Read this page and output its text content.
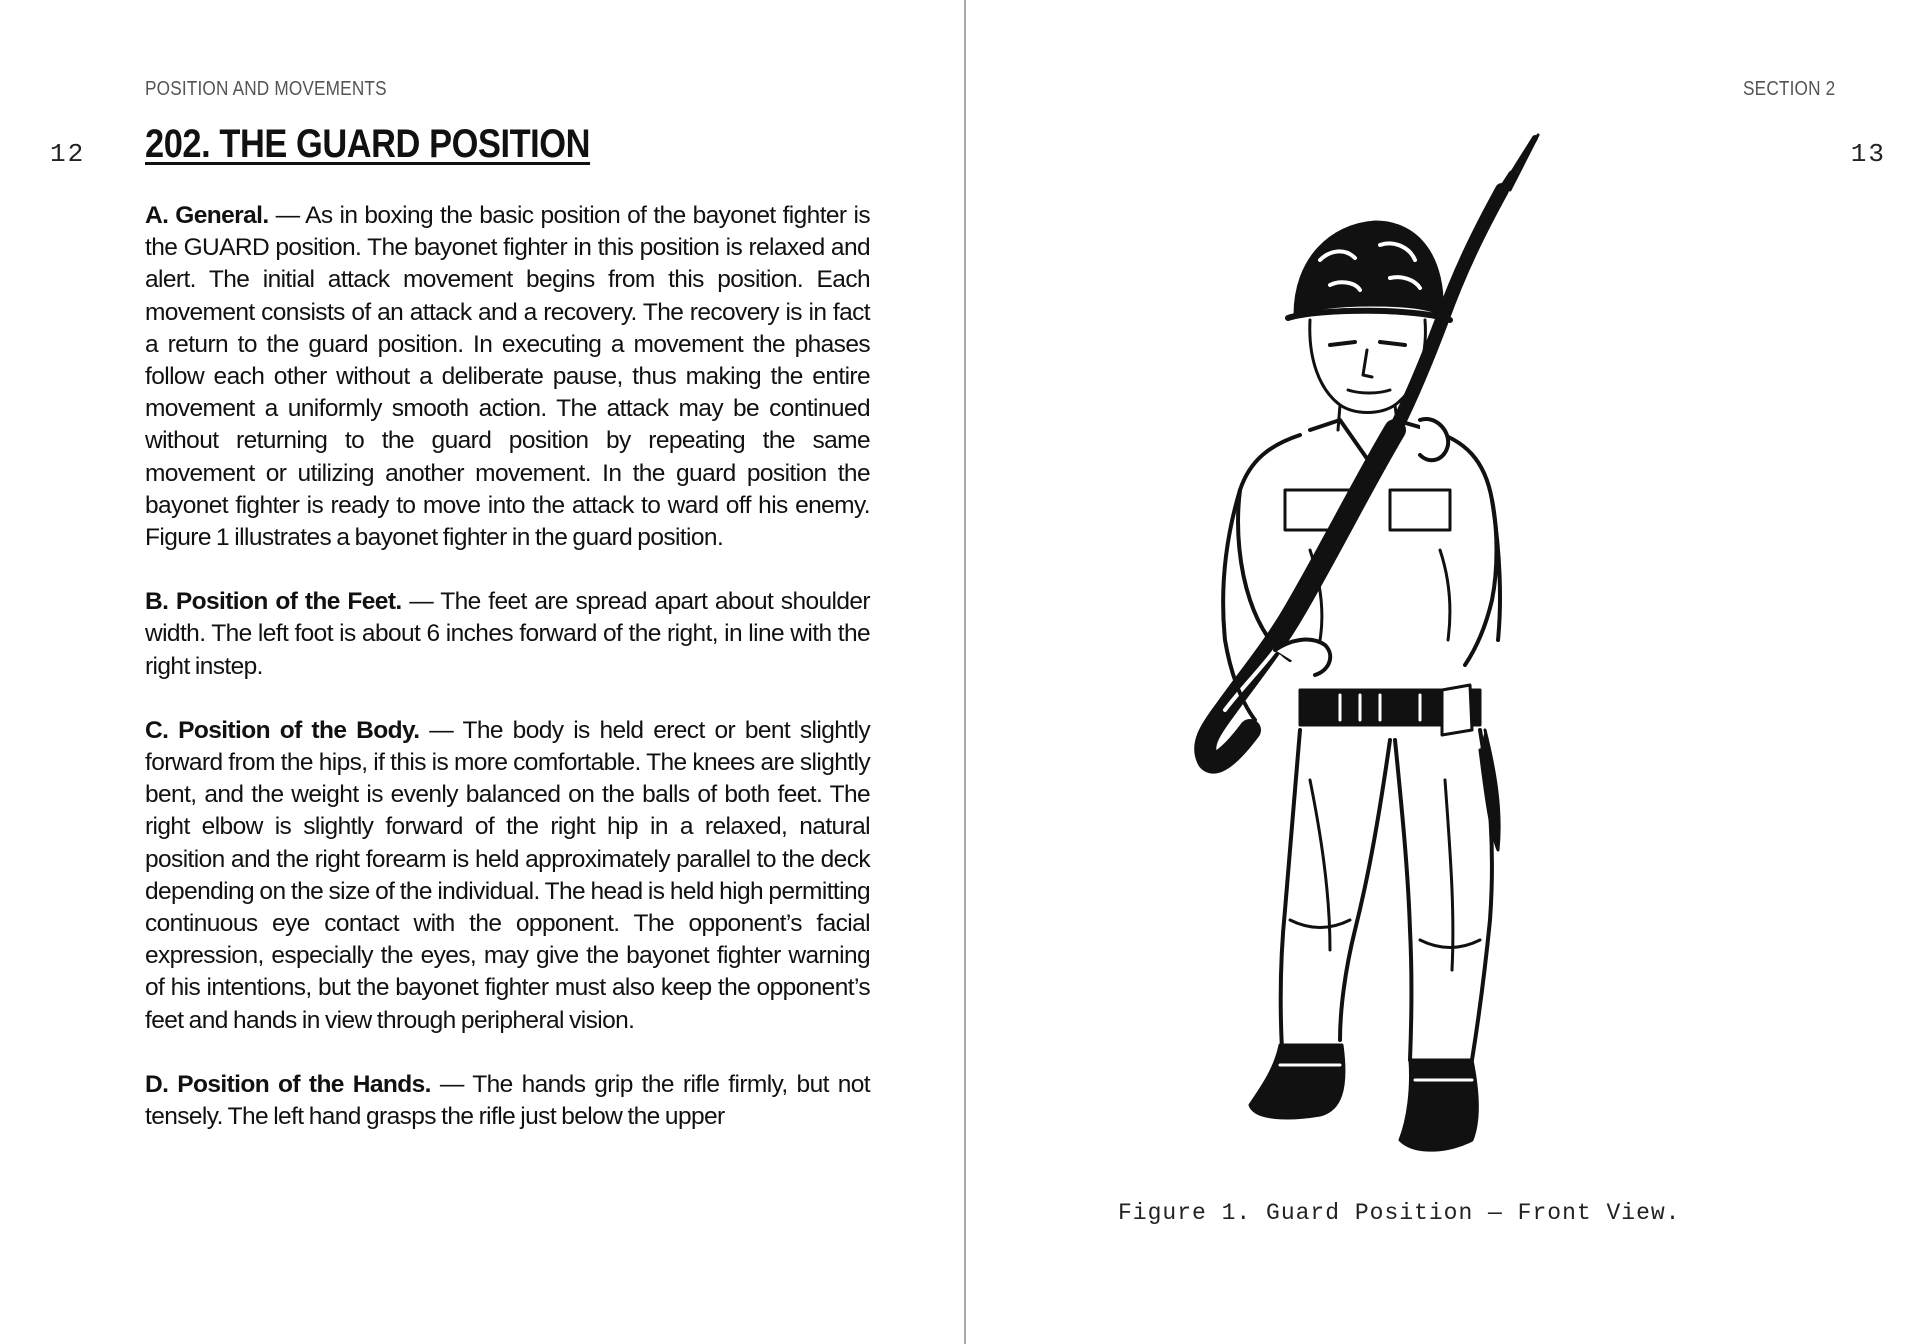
POSITION AND MOVEMENTS
12 202. THE GUARD POSITION

A. General. — As in boxing the basic position of the bayonet fighter is the GUARD position. The bayonet fighter in this position is relaxed and alert. The initial attack movement begins from this position. Each movement consists of an attack and a recovery. The recovery is in fact a return to the guard position. In executing a movement the phases follow each other without a deliberate pause, thus making the entire movement a uniformly smooth action. The attack may be continued without returning to the guard position by repeating the same movement or utilizing another movement. In the guard position the bayonet fighter is ready to move into the attack to ward off his enemy. Figure 1 illustrates a bayonet fighter in the guard position.

B. Position of the Feet. — The feet are spread apart about shoulder width. The left foot is about 6 inches forward of the right, in line with the right instep.

C. Position of the Body. — The body is held erect or bent slightly forward from the hips, if this is more comfortable. The knees are slightly bent, and the weight is evenly balanced on the balls of both feet. The right elbow is slightly forward of the right hip in a relaxed, natural position and the right forearm is held approximately parallel to the deck depending on the size of the individual. The head is held high permitting continuous eye contact with the opponent. The opponent’s facial expression, especially the eyes, may give the bayonet fighter warning of his intentions, but the bayonet fighter must also keep the opponent’s feet and hands in view through peripheral vision.

D. Position of the Hands. — The hands grip the rifle firmly, but not tensely. The left hand grasps the rifle just below the upper

SECTION 2
13
Figure 1. Guard Position — Front View.
